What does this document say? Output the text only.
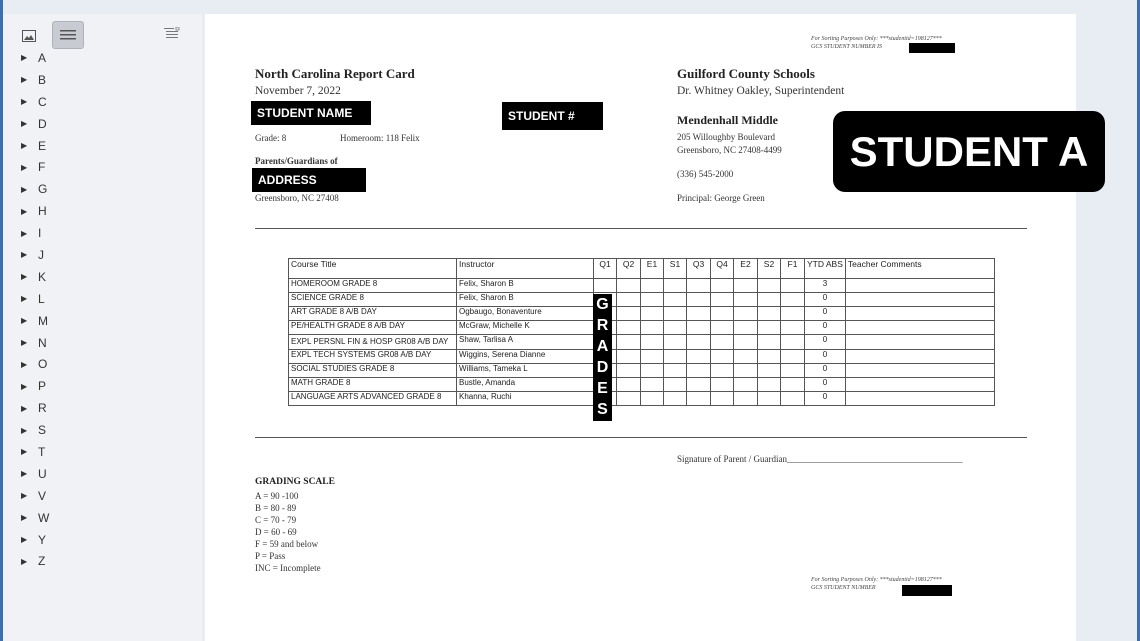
▶ A
▶ B
▶ C
▶ D
▶ E
▶ F
▶ G
▶ H
▶ I
▶ J
▶ K
▶ L
▶ M
▶ N
▶ O
▶ P
▶ R
▶ S
▶ T
▶ U
▶ V
▶ W
▶ Y
▶ Z
For Sorting Purposes Only: ***studentid=198127***
GCS STUDENT NUMBER IS
North Carolina Report Card
November 7, 2022
STUDENT NAME	STUDENT #
Grade: 8	Homeroom: 118 Felix
Parents/Guardians of
ADDRESS
Greensboro, NC 27408
Guilford County Schools
Dr. Whitney Oakley, Superintendent
Mendenhall Middle
205 Willoughby Boulevard
Greensboro, NC 27408-4499
(336) 545-2000
Principal: George Green
STUDENT A
Course Title	Instructor	Q1	Q2	E1	S1	Q3	Q4	E2	S2	F1	YTD ABS	Teacher Comments
HOMEROOM GRADE 8	Felix, Sharon B										3	
SCIENCE GRADE 8	Felix, Sharon B										0	
ART GRADE 8 A/B DAY	Ogbaugo, Bonaventure										0	
PE/HEALTH GRADE 8 A/B DAY	McGraw, Michelle K										0	
EXPL PERSNL FIN & HOSP GR08 A/B DAY	Shaw, Tarlisa A										0	
EXPL TECH SYSTEMS GR08 A/B DAY	Wiggins, Serena Dianne										0	
SOCIAL STUDIES GRADE 8	Williams, Tameka L										0	
MATH GRADE 8	Bustle, Amanda										0	
LANGUAGE ARTS ADVANCED GRADE 8	Khanna, Ruchi										0	
G
R
A
D
E
S
Signature of Parent / Guardian_______________________________________
GRADING SCALE
A = 90 -100
B = 80 - 89
C = 70 - 79
D = 60 - 69
F = 59 and below
P = Pass
INC = Incomplete
For Sorting Purposes Only: ***studentid=198127***
GCS STUDENT NUMBER
